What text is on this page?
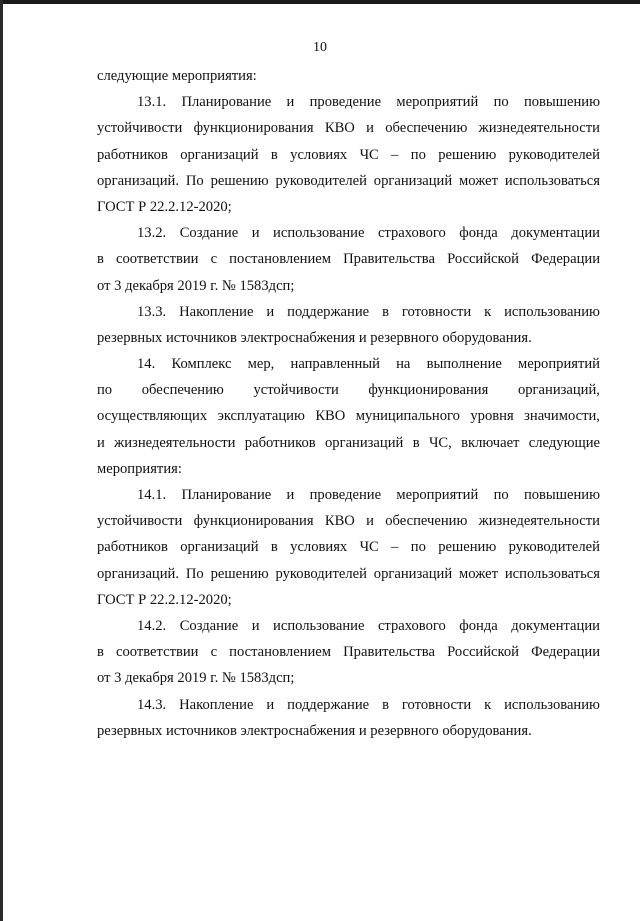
10
следующие мероприятия:
13.1. Планирование и проведение мероприятий по повышению
устойчивости функционирования КВО и обеспечению жизнедеятельности
работников организаций в условиях ЧС – по решению руководителей
организаций. По решению руководителей организаций может использоваться
ГОСТ Р 22.2.12-2020;
13.2. Создание и использование страхового фонда документации
в соответствии с постановлением Правительства Российской Федерации
от 3 декабря 2019 г. № 1583дсп;
13.3. Накопление и поддержание в готовности к использованию
резервных источников электроснабжения и резервного оборудования.
14. Комплекс мер, направленный на выполнение мероприятий
по обеспечению устойчивости функционирования организаций,
осуществляющих эксплуатацию КВО муниципального уровня значимости,
и жизнедеятельности работников организаций в ЧС, включает следующие
мероприятия:
14.1. Планирование и проведение мероприятий по повышению
устойчивости функционирования КВО и обеспечению жизнедеятельности
работников организаций в условиях ЧС – по решению руководителей
организаций. По решению руководителей организаций может использоваться
ГОСТ Р 22.2.12-2020;
14.2. Создание и использование страхового фонда документации
в соответствии с постановлением Правительства Российской Федерации
от 3 декабря 2019 г. № 1583дсп;
14.3. Накопление и поддержание в готовности к использованию
резервных источников электроснабжения и резервного оборудования.
